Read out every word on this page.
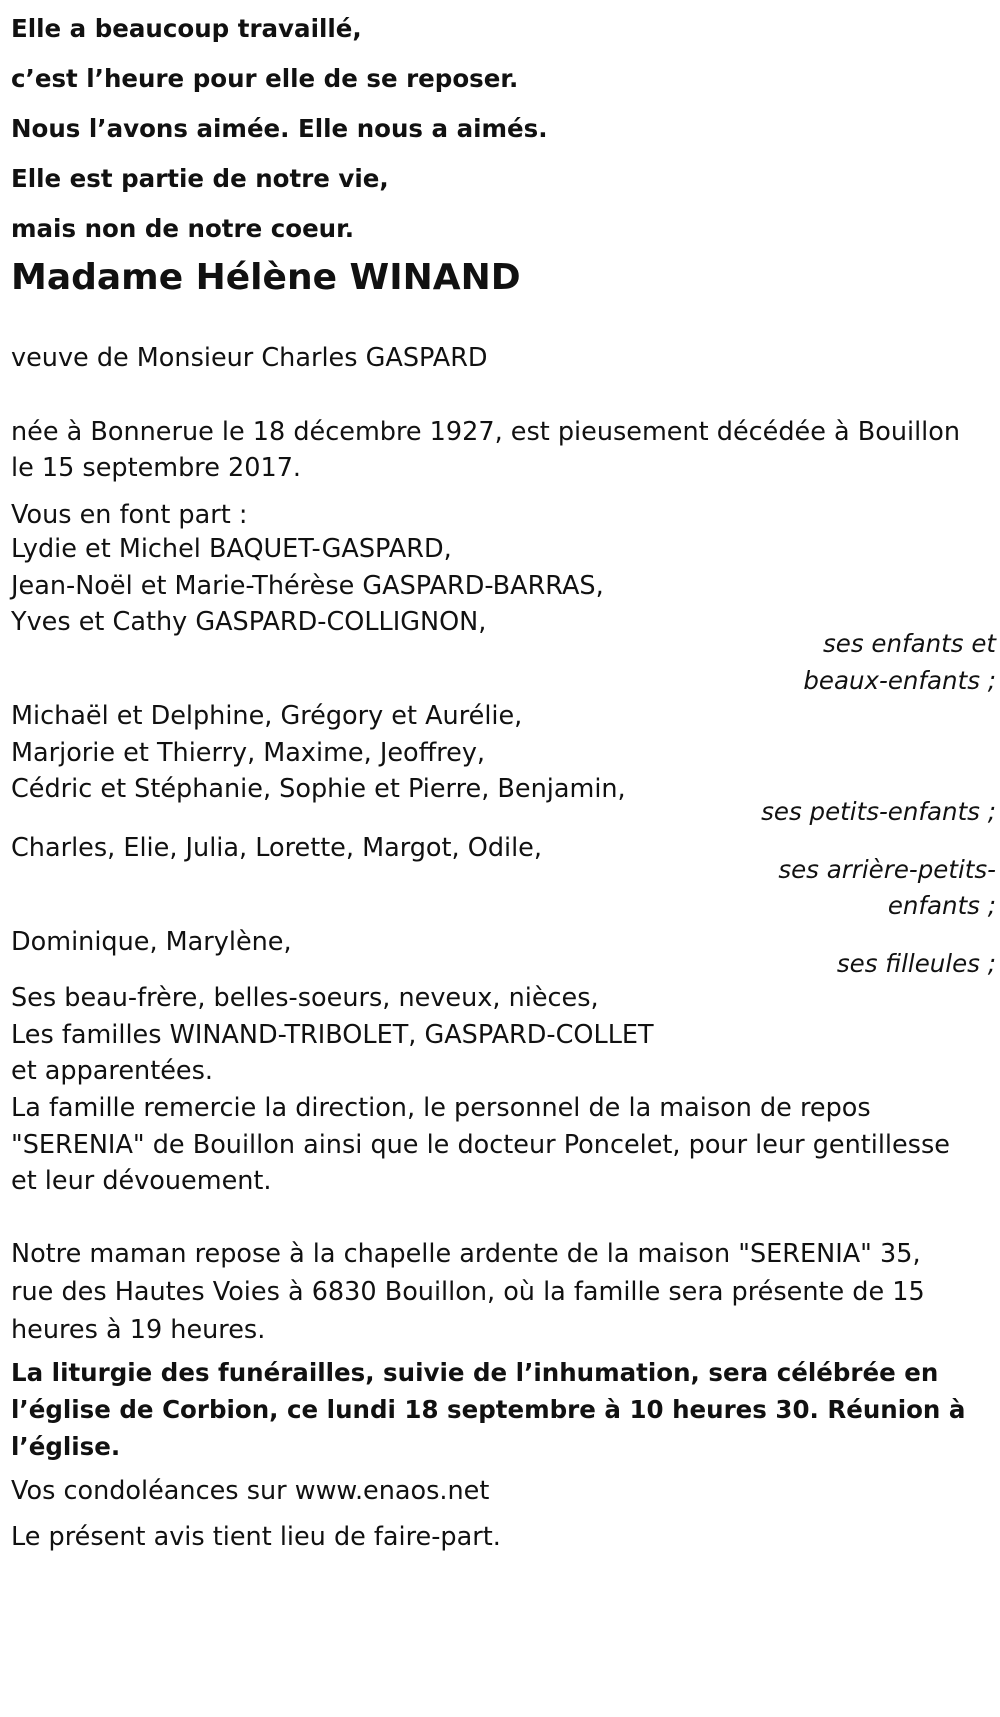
Elle a beaucoup travaillé,
c’est l’heure pour elle de se reposer.
Nous l’avons aimée. Elle nous a aimés.
Elle est partie de notre vie,
mais non de notre coeur.
Madame Hélène WINAND
veuve de Monsieur Charles GASPARD
née à Bonnerue le 18 décembre 1927, est pieusement décédée à Bouillon
le 15 septembre 2017.
Vous en font part :
Lydie et Michel BAQUET-GASPARD,
Jean-Noël et Marie-Thérèse GASPARD-BARRAS,
Yves et Cathy GASPARD-COLLIGNON,
ses enfants et
beaux-enfants ;
Michaël et Delphine, Grégory et Aurélie,
Marjorie et Thierry, Maxime, Jeoffrey,
Cédric et Stéphanie, Sophie et Pierre, Benjamin,
ses petits-enfants ;
Charles, Elie, Julia, Lorette, Margot, Odile,
ses arrière-petits-
enfants ;
Dominique, Marylène,
ses filleules ;
Ses beau-frère, belles-soeurs, neveux, nièces,
Les familles WINAND-TRIBOLET, GASPARD-COLLET
et apparentées.
La famille remercie la direction, le personnel de la maison de repos
"SERENIA" de Bouillon ainsi que le docteur Poncelet, pour leur gentillesse
et leur dévouement.
Notre maman repose à la chapelle ardente de la maison "SERENIA" 35,
rue des Hautes Voies à 6830 Bouillon, où la famille sera présente de 15
heures à 19 heures.
La liturgie des funérailles, suivie de l’inhumation, sera célébrée en
l’église de Corbion, ce lundi 18 septembre à 10 heures 30. Réunion à
l’église.
Vos condoléances sur www.enaos.net
Le présent avis tient lieu de faire-part.
